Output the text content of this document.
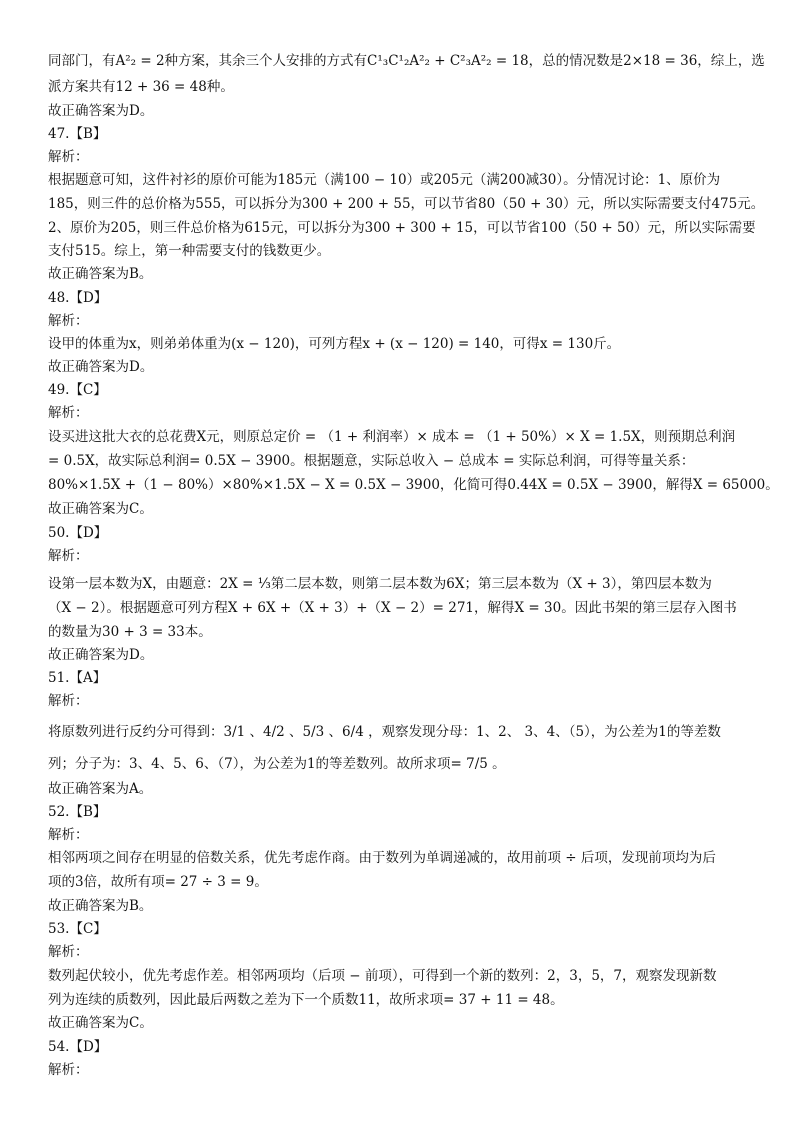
同部门，有A²₂ = 2种方案，其余三个人安排的方式有C¹₃C¹₂A²₂ + C²₃A²₂ = 18，总的情况数是2×18 = 36，综上，选
派方案共有12 + 36 = 48种。
故正确答案为D。
47.【B】
解析：
根据题意可知，这件衬衫的原价可能为185元（满100 − 10）或205元（满200减30）。分情况讨论：1、原价为
185，则三件的总价格为555，可以拆分为300 + 200 + 55，可以节省80（50 + 30）元，所以实际需要支付475元。
2、原价为205，则三件总价格为615元，可以拆分为300 + 300 + 15，可以节省100（50 + 50）元，所以实际需要
支付515。综上，第一种需要支付的钱数更少。
故正确答案为B。
48.【D】
解析：
设甲的体重为x，则弟弟体重为(x − 120)，可列方程x + (x − 120) = 140，可得x = 130斤。
故正确答案为D。
49.【C】
解析：
设买进这批大衣的总花费X元，则原总定价 = （1 + 利润率）× 成本 = （1 + 50%）× X = 1.5X，则预期总利润
= 0.5X，故实际总利润= 0.5X − 3900。根据题意，实际总收入 − 总成本 = 实际总利润，可得等量关系：
80%×1.5X +（1 − 80%）×80%×1.5X − X = 0.5X − 3900，化简可得0.44X = 0.5X − 3900，解得X = 65000。
故正确答案为C。
50.【D】
解析：
设第一层本数为X，由题意：2X = ⅓第二层本数，则第二层本数为6X；第三层本数为（X + 3），第四层本数为
（X − 2）。根据题意可列方程X + 6X +（X + 3）+（X − 2）= 271，解得X = 30。因此书架的第三层存入图书
的数量为30 + 3 = 33本。
故正确答案为D。
51.【A】
解析：
将原数列进行反约分可得到：3/1 、4/2 、5/3 、6/4 ，观察发现分母：1、2、 3、4、（5），为公差为1的等差数
列；分子为：3、4、5、6、（7），为公差为1的等差数列。故所求项= 7/5 。
故正确答案为A。
52.【B】
解析：
相邻两项之间存在明显的倍数关系，优先考虑作商。由于数列为单调递减的，故用前项 ÷ 后项，发现前项均为后
项的3倍，故所有项= 27 ÷ 3 = 9。
故正确答案为B。
53.【C】
解析：
数列起伏较小，优先考虑作差。相邻两项均（后项 − 前项），可得到一个新的数列：2，3，5，7，观察发现新数
列为连续的质数列，因此最后两数之差为下一个质数11，故所求项= 37 + 11 = 48。
故正确答案为C。
54.【D】
解析：
